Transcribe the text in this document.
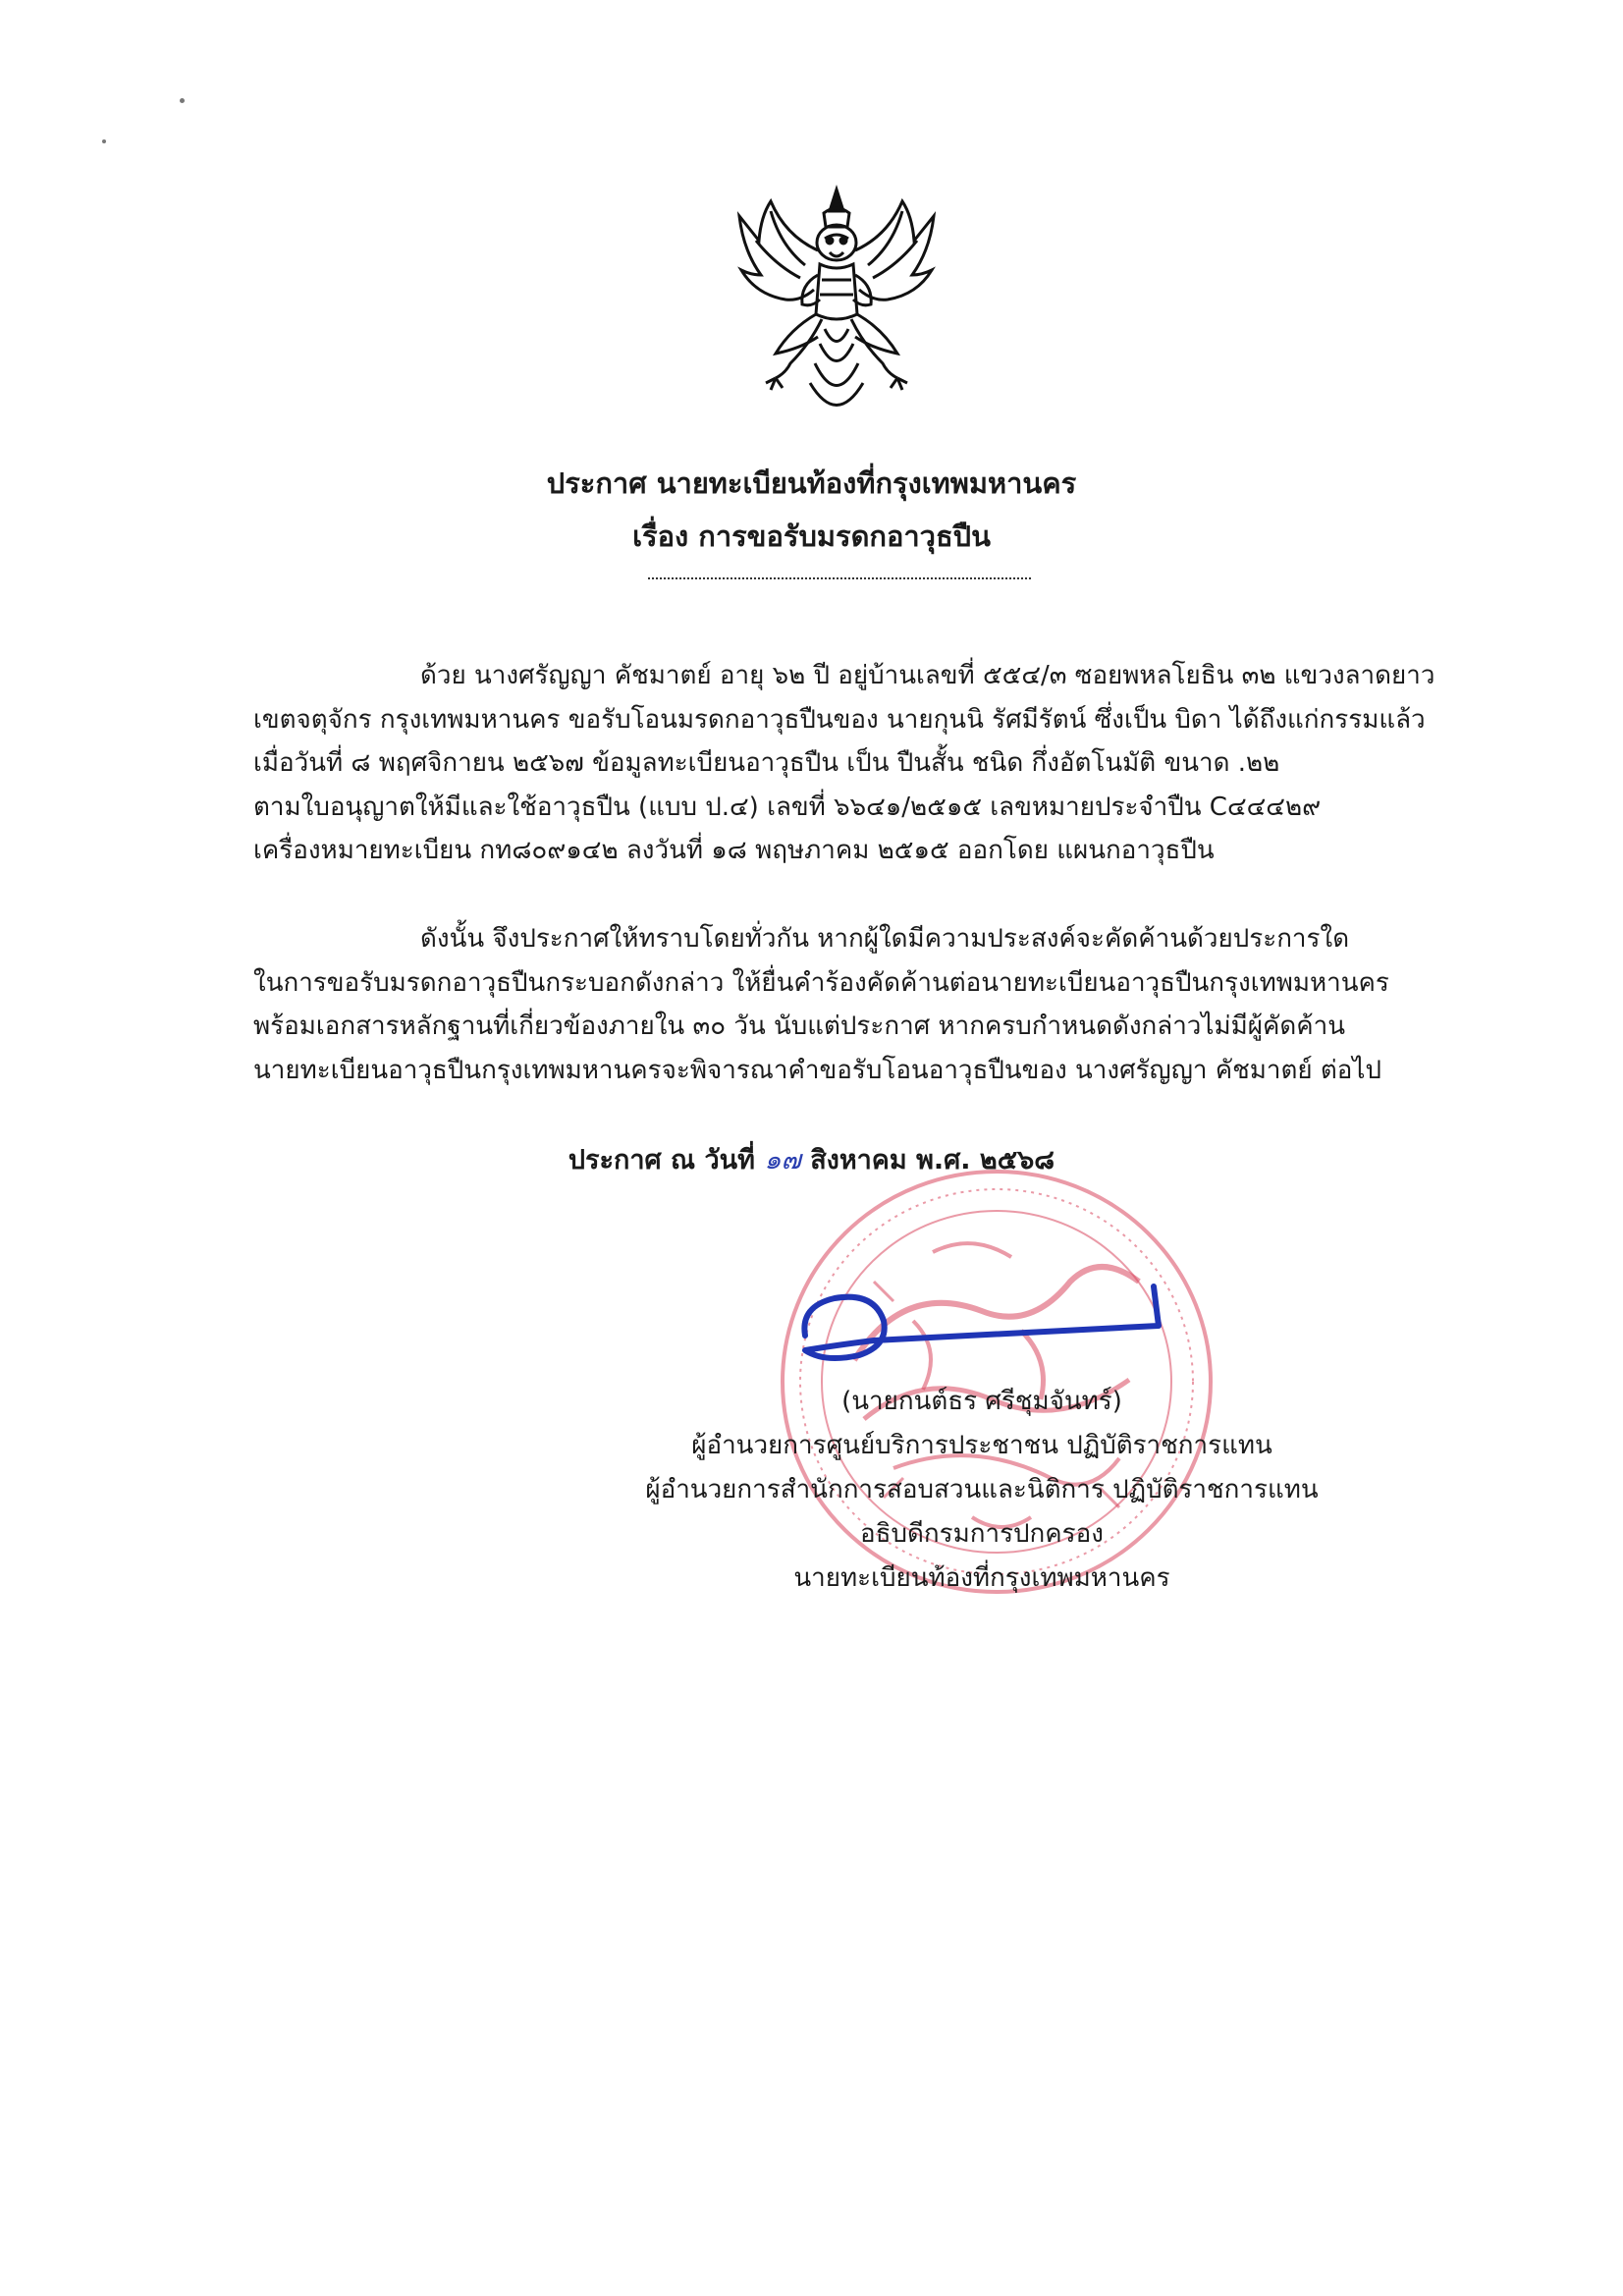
ประกาศ นายทะเบียนท้องที่กรุงเทพมหานคร
เรื่อง การขอรับมรดกอาวุธปืน

ด้วย นางศรัญญา คัชมาตย์ อายุ ๖๒ ปี อยู่บ้านเลขที่ ๕๕๔/๓ ซอยพหลโยธิน ๓๒ แขวงลาดยาว
เขตจตุจักร กรุงเทพมหานคร ขอรับโอนมรดกอาวุธปืนของ นายกุนนิ รัศมีรัตน์ ซึ่งเป็น บิดา ได้ถึงแก่กรรมแล้ว
เมื่อวันที่ ๘ พฤศจิกายน ๒๕๖๗ ข้อมูลทะเบียนอาวุธปืน เป็น ปืนสั้น ชนิด กึ่งอัตโนมัติ ขนาด .๒๒
ตามใบอนุญาตให้มีและใช้อาวุธปืน (แบบ ป.๔) เลขที่ ๖๖๔๑/๒๕๑๕ เลขหมายประจำปืน C๔๔๔๒๙
เครื่องหมายทะเบียน กท๘๐๙๑๔๒ ลงวันที่ ๑๘ พฤษภาคม ๒๕๑๕ ออกโดย แผนกอาวุธปืน

ดังนั้น จึงประกาศให้ทราบโดยทั่วกัน หากผู้ใดมีความประสงค์จะคัดค้านด้วยประการใด
ในการขอรับมรดกอาวุธปืนกระบอกดังกล่าว ให้ยื่นคำร้องคัดค้านต่อนายทะเบียนอาวุธปืนกรุงเทพมหานคร
พร้อมเอกสารหลักฐานที่เกี่ยวข้องภายใน ๓๐ วัน นับแต่ประกาศ หากครบกำหนดดังกล่าวไม่มีผู้คัดค้าน
นายทะเบียนอาวุธปืนกรุงเทพมหานครจะพิจารณาคำขอรับโอนอาวุธปืนของ นางศรัญญา คัชมาตย์ ต่อไป

ประกาศ ณ วันที่ ๑๗ สิงหาคม พ.ศ. ๒๕๖๘
(นายกนต์ธร ศรีชุมจันทร์)
ผู้อำนวยการศูนย์บริการประชาชน ปฏิบัติราชการแทน
ผู้อำนวยการสำนักการสอบสวนและนิติการ ปฏิบัติราชการแทน
อธิบดีกรมการปกครอง
นายทะเบียนท้องที่กรุงเทพมหานคร
